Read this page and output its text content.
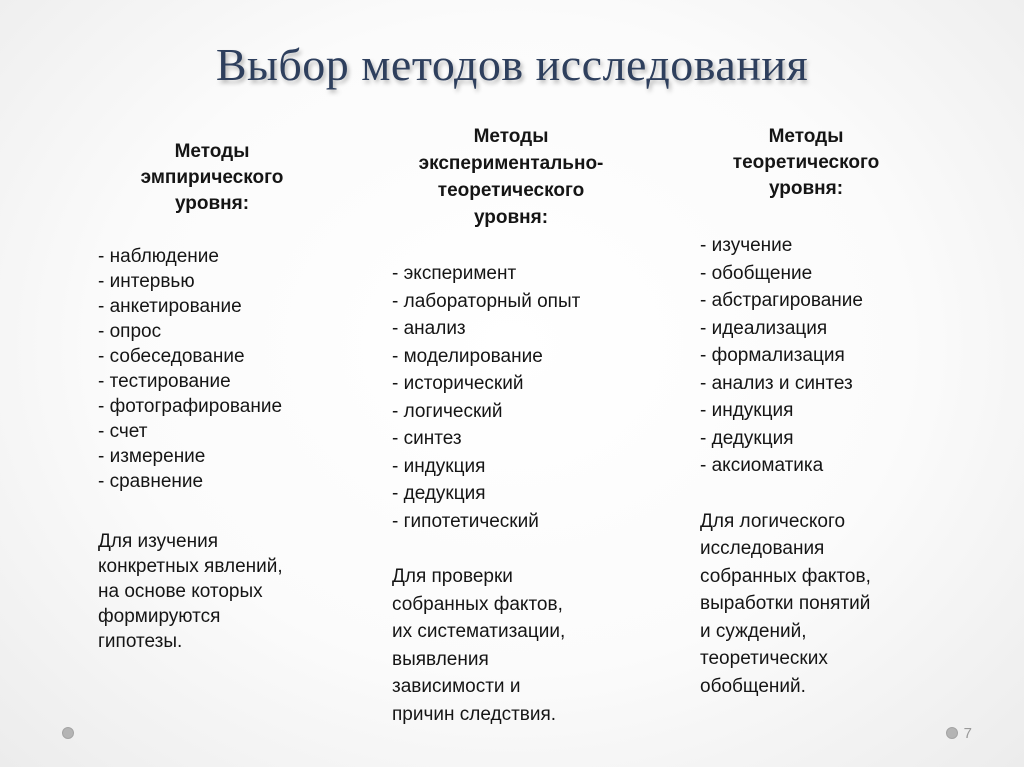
Выбор методов исследования
Методы
эмпирического
уровня:
- наблюдение
- интервью
- анкетирование
- опрос
- собеседование
- тестирование
- фотографирование
- счет
- измерение
- сравнение
Для изучения
конкретных явлений,
на основе которых
формируются
гипотезы.
Методы
экспериментально-
теоретического
уровня:
- эксперимент
- лабораторный опыт
- анализ
- моделирование
- исторический
- логический
- синтез
- индукция
- дедукция
- гипотетический
Для проверки
собранных фактов,
их систематизации,
выявления
зависимости и
причин следствия.
Методы
теоретического
уровня:
- изучение
- обобщение
- абстрагирование
- идеализация
- формализация
- анализ и синтез
- индукция
- дедукция
- аксиоматика
Для логического
исследования
собранных фактов,
выработки понятий
и суждений,
теоретических
обобщений.
7
